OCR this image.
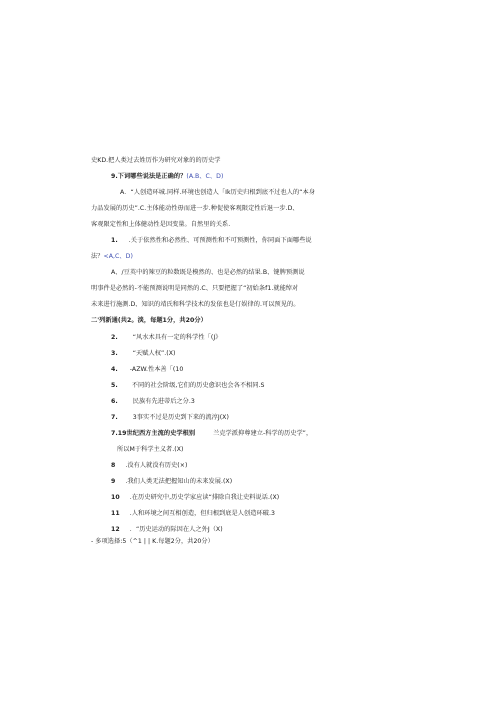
史KD.把人类过去姓历作为研究对象的的历史学
9.下词哪些说法是正确的？(A.B、C、D)
A．“人创造环城.同样.环境也创造人「Ik历史归根到底不过也人的“本身
力品发展的历史”.C.主体能动性毋而进一步.种促使客观限定性后退一步.D、
客观限定性和上体健动性是因变量。自然里的关系.
1. .关于依然性和必然性、可预测性和不可预测性，你同面下面哪些说
法？<A,C、D)
A、/豆英中的辣豆的粒数既是模然的、也是必然的结果.B、键脾预测说
明事件是必然的-不能预测说明是同然的.C、只要把握了“初始条f1.就能绰对
未来进行施测.D、知识的靖氏和科学技术的发依也是仃娱律的.可以预见的。
二'列新通(共2。淡，每题1分，共20分）
2. “风水术具有一定的科学性「(J》
3. “天赋人权”.(X)
4. -AZW.性本善「(10
5. 不同的社会阶级,它们的历史愈识也会各不相同.S
6. 民族有先进蒂后之分.3
7. 3事实不过是历史到下来的流淳J(X)
7.19世纪西方主流的史学根别	兰克学派抑尊建立-科学的历史学”，
所以M于科学主义者.(X)
8 .没有人就没有历史(×)
9 .我们人类无法把握知山的未来发展.(X)
10 .在历史研究中,历史学家应读“排除自我让史料说话.(X)
11 .人和环境之间互相创造，但归根到底是人创造环破.3
12 ．“历史运动的际因在人之外J（X)
- 多项选择:5（^1 | | K.每题2分，共20分）
